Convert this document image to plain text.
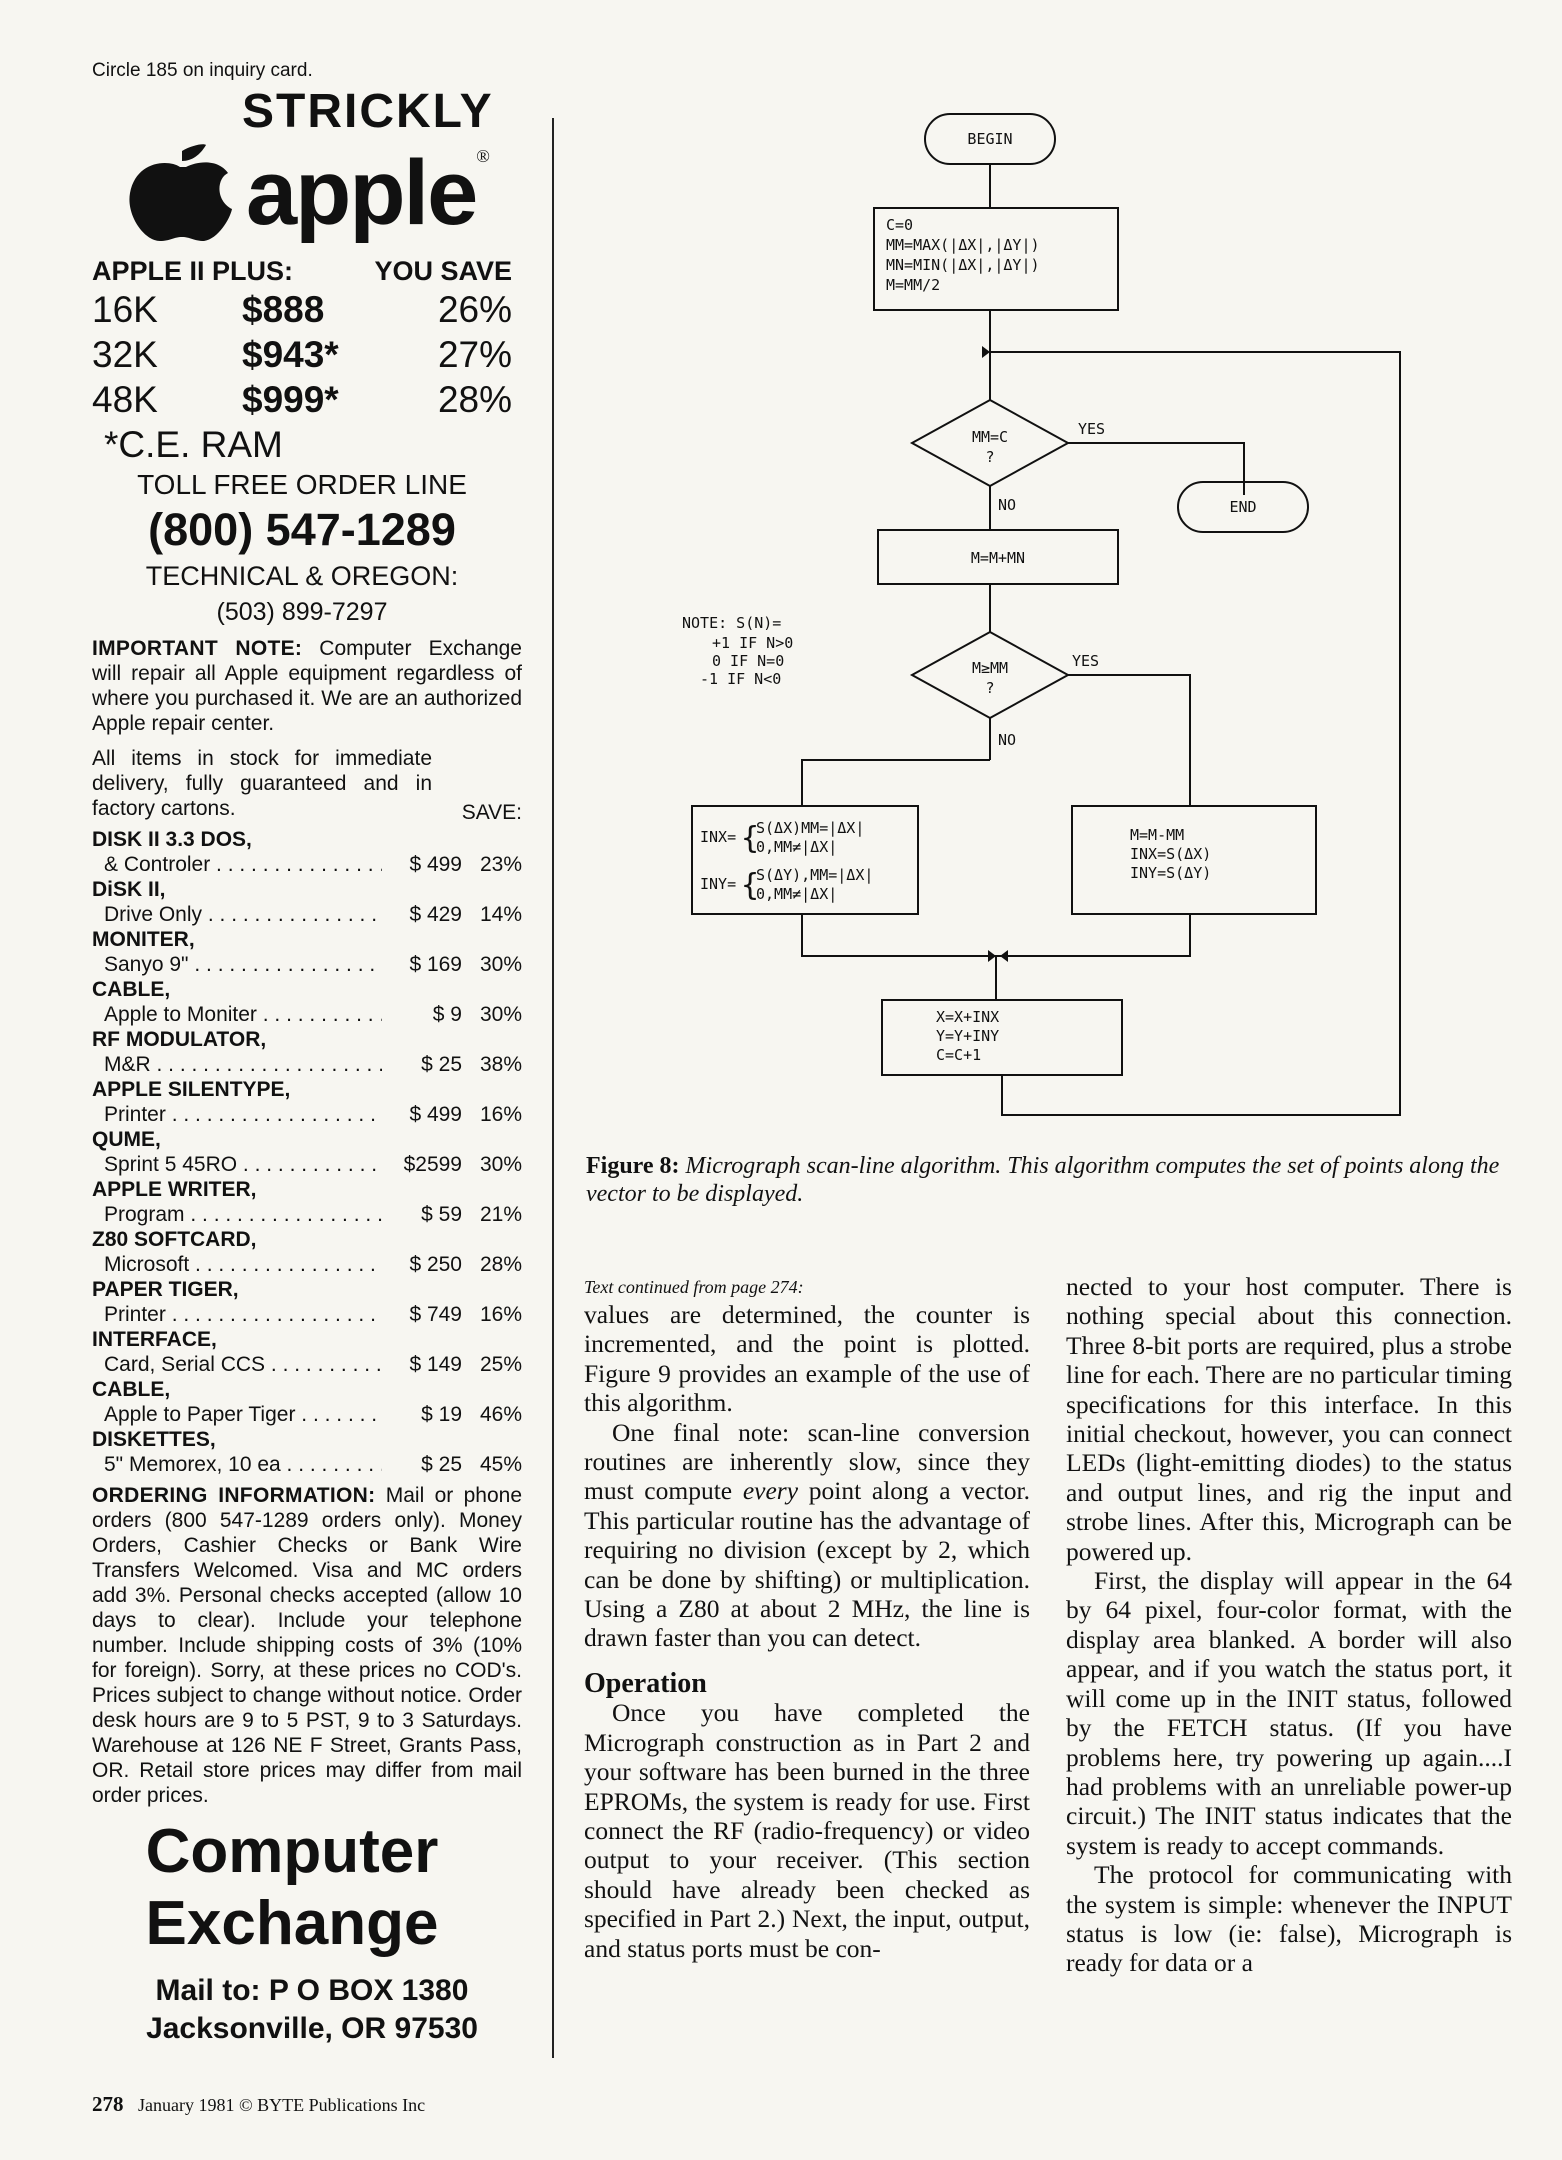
Circle 185 on inquiry card.
STRICKLY
apple ®
APPLE II PLUS:	YOU SAVE
16K	$888	26%
32K	$943*	27%
48K	$999*	28%
*C.E. RAM
TOLL FREE ORDER LINE
(800) 547-1289
TECHNICAL & OREGON:
(503) 899-7297
IMPORTANT NOTE: Computer Exchange will repair all Apple equipment regardless of where you purchased it. We are an authorized Apple repair center.
All items in stock for immediate delivery, fully guaranteed and in factory cartons.	SAVE:
DISK II 3.3 DOS,
& Controler . . .	$ 499 23%
DiSK II,
Drive Only . . .	$ 429 14%
MONITER,
Sanyo 9" . . .	$ 169 30%
CABLE,
Apple to Moniter . . .	$ 9 30%
RF MODULATOR,
M&R . . .	$ 25 38%
APPLE SILENTYPE,
Printer . . .	$ 499 16%
QUME,
Sprint 5 45RO . . .	$2599 30%
APPLE WRITER,
Program . . .	$ 59 21%
Z80 SOFTCARD,
Microsoft . . .	$ 250 28%
PAPER TIGER,
Printer . . .	$ 749 16%
INTERFACE,
Card, Serial CCS . . .	$ 149 25%
CABLE,
Apple to Paper Tiger . . .	$ 19 46%
DISKETTES,
5" Memorex, 10 ea . . .	$ 25 45%
ORDERING INFORMATION: Mail or phone orders (800 547-1289 orders only). Money Orders, Cashier Checks or Bank Wire Transfers Welcomed. Visa and MC orders add 3%. Personal checks accepted (allow 10 days to clear). Include your telephone number. Include shipping costs of 3% (10% for foreign). Sorry, at these prices no COD's. Prices subject to change without notice. Order desk hours are 9 to 5 PST, 9 to 3 Saturdays. Warehouse at 126 NE F Street, Grants Pass, OR. Retail store prices may differ from mail order prices.
Computer
Exchange
Mail to: P O BOX 1380
Jacksonville, OR 97530
BEGIN
C=0
MM=MAX(|ΔX|,|ΔY|)
MN=MIN(|ΔX|,|ΔY|)
M=MM/2
MM=C
?
YES
END
NO
M=M+MN
NOTE: S(N)=
+1 IF N>0
0 IF N=0
-1 IF N<0
M≥MM
?
YES
NO
INX= {
S(ΔX)MM=|ΔX|
0,MM≠|ΔX|
INY= {
S(ΔY),MM=|ΔX|
0,MM≠|ΔX|
M=M-MM
INX=S(ΔX)
INY=S(ΔY)
X=X+INX
Y=Y+INY
C=C+1
Figure 8: Micrograph scan-line algorithm. This algorithm computes the set of points along the vector to be displayed.
Text continued from page 274:

values are determined, the counter is incremented, and the point is plotted. Figure 9 provides an example of the use of this algorithm.

One final note: scan-line conversion routines are inherently slow, since they must compute every point along a vector. This particular routine has the advantage of requiring no division (except by 2, which can be done by shifting) or multiplication. Using a Z80 at about 2 MHz, the line is drawn faster than you can detect.

Operation

Once you have completed the Micrograph construction as in Part 2 and your software has been burned in the three EPROMs, the system is ready for use. First connect the RF (radio-frequency) or video output to your receiver. (This section should have already been checked as specified in Part 2.) Next, the input, output, and status ports must be con-

nected to your host computer. There is nothing special about this connection. Three 8-bit ports are required, plus a strobe line for each. There are no particular timing specifications for this interface. In this initial checkout, however, you can connect LEDs (light-emitting diodes) to the status and output lines, and rig the input and strobe lines. After this, Micrograph can be powered up.

First, the display will appear in the 64 by 64 pixel, four-color format, with the display area blanked. A border will also appear, and if you watch the status port, it will come up in the INIT status, followed by the FETCH status. (If you have problems here, try powering up again....I had problems with an unreliable power-up circuit.) The INIT status indicates that the system is ready to accept commands.

The protocol for communicating with the system is simple: whenever the INPUT status is low (ie: false), Micrograph is ready for data or a

278 January 1981 © BYTE Publications Inc
